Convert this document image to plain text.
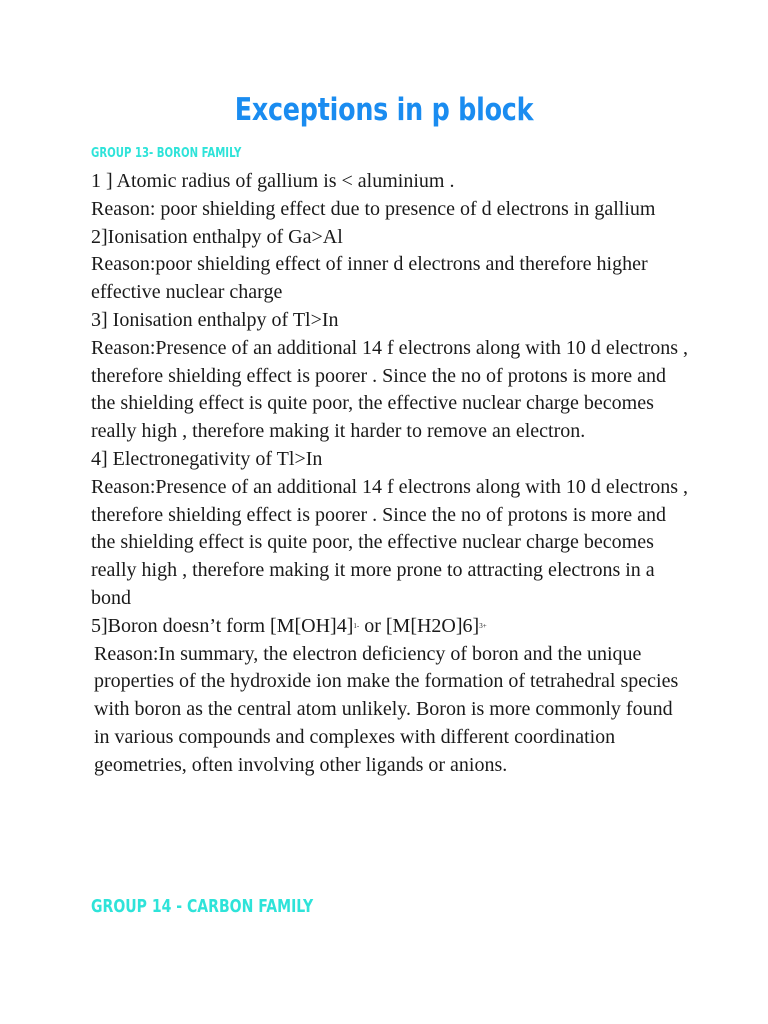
Exceptions in p block
GROUP 13- BORON FAMILY

1 ] Atomic radius of gallium is < aluminium .

Reason: poor shielding effect due to presence of d electrons in gallium

2]Ionisation enthalpy of Ga>Al

Reason:poor shielding effect of inner d electrons and therefore higher effective nuclear charge

3] Ionisation enthalpy of Tl>In

Reason:Presence of an additional 14 f electrons along with 10 d electrons , therefore shielding effect is poorer . Since the no of protons is more and the shielding effect is quite poor, the effective nuclear charge becomes really high , therefore making it harder to remove an electron.

4] Electronegativity of Tl>In

Reason:Presence of an additional 14 f electrons along with 10 d electrons , therefore shielding effect is poorer . Since the no of protons is more and the shielding effect is quite poor, the effective nuclear charge becomes really high , therefore making it more prone to attracting electrons in a bond

5]Boron doesn’t form $[M[OH]4]^{1-}$ or $[M[H2O]6]^{3+}$

Reason:In summary, the electron deficiency of boron and the unique properties of the hydroxide ion make the formation of tetrahedral species with boron as the central atom unlikely. Boron is more commonly found in various compounds and complexes with different coordination geometries, often involving other ligands or anions.

GROUP 14 - CARBON FAMILY
